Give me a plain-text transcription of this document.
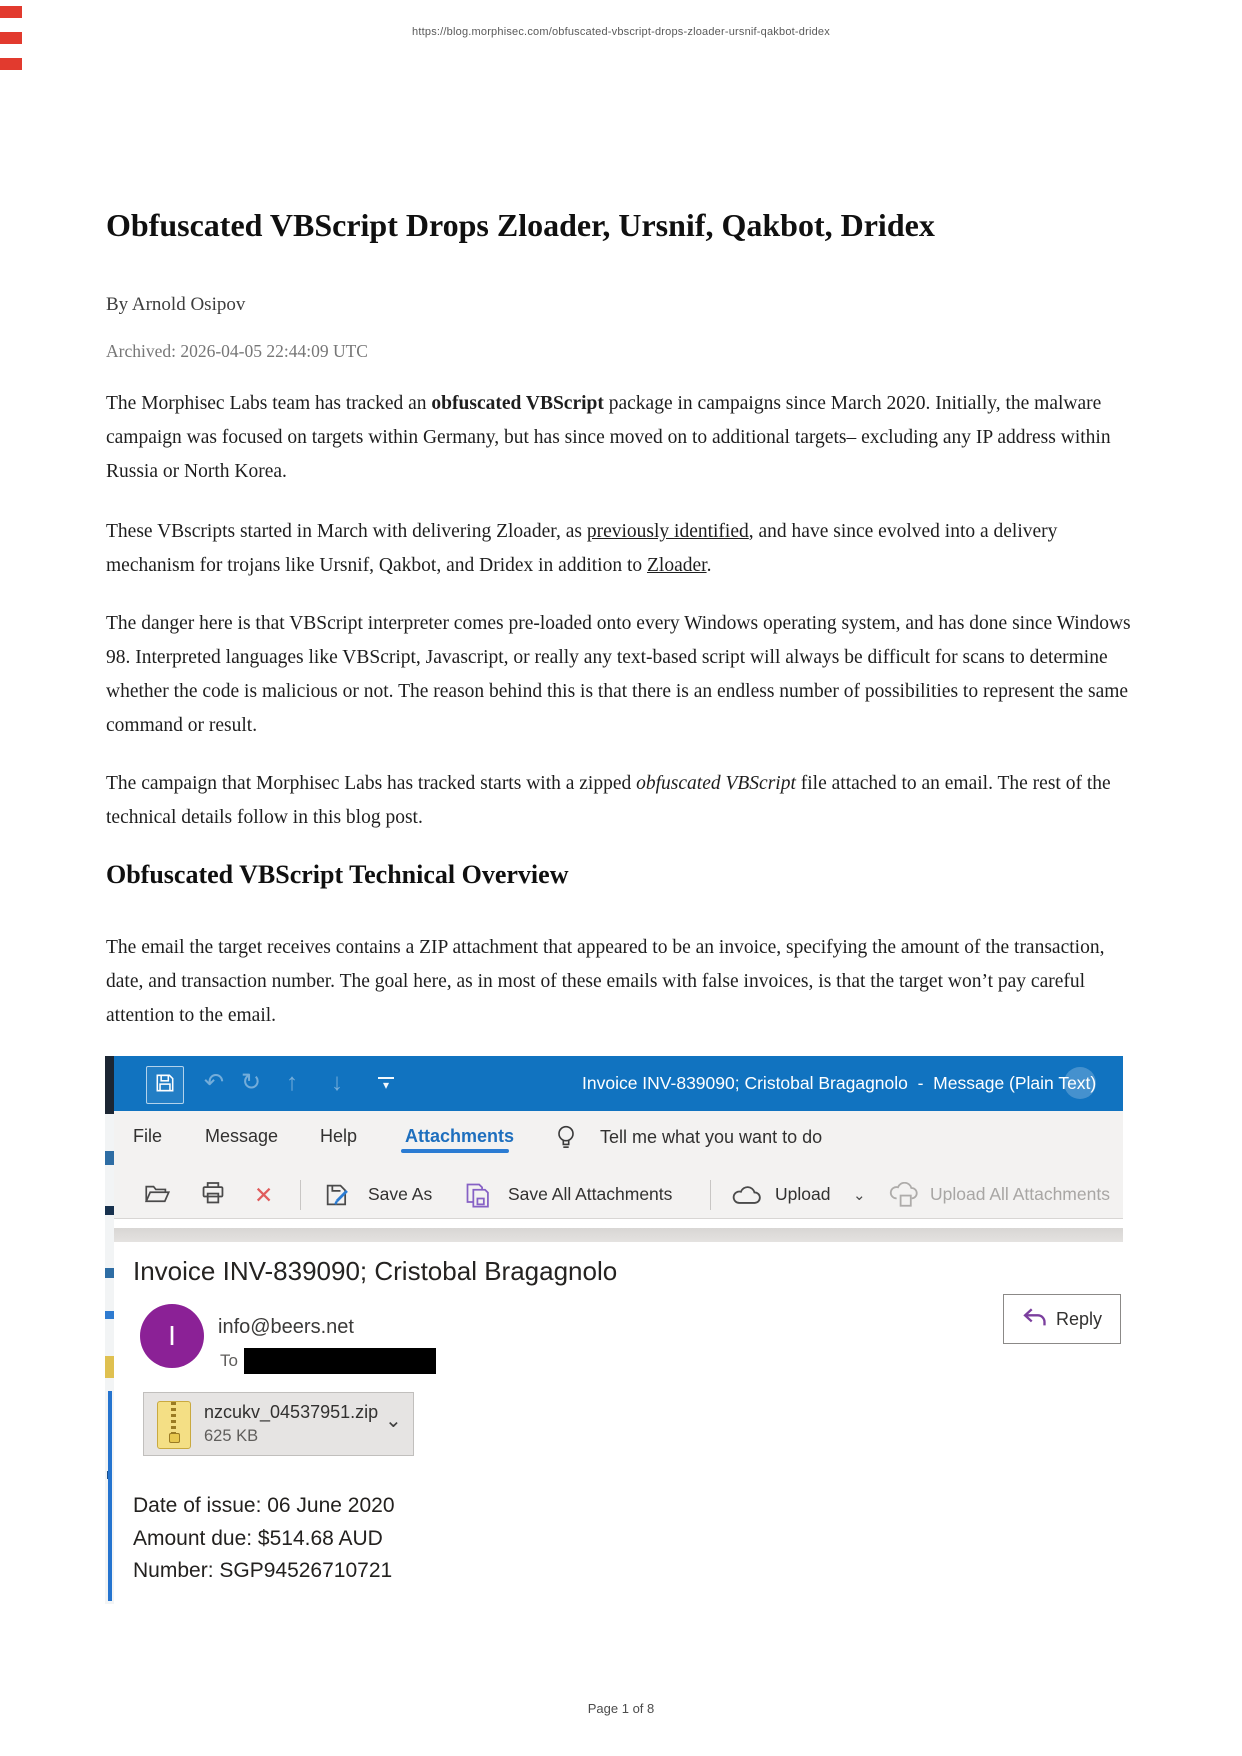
https://blog.morphisec.com/obfuscated-vbscript-drops-zloader-ursnif-qakbot-dridex
Obfuscated VBScript Drops Zloader, Ursnif, Qakbot, Dridex
By Arnold Osipov
Archived: 2026-04-05 22:44:09 UTC

The Morphisec Labs team has tracked an obfuscated VBScript package in campaigns since March 2020. Initially, the malware campaign was focused on targets within Germany, but has since moved on to additional targets– excluding any IP address within Russia or North Korea.

These VBscripts started in March with delivering Zloader, as previously identified, and have since evolved into a delivery mechanism for trojans like Ursnif, Qakbot, and Dridex in addition to Zloader.

The danger here is that VBScript interpreter comes pre-loaded onto every Windows operating system, and has done since Windows 98. Interpreted languages like VBScript, Javascript, or really any text-based script will always be difficult for scans to determine whether the code is malicious or not. The reason behind this is that there is an endless number of possibilities to represent the same command or result.

The campaign that Morphisec Labs has tracked starts with a zipped obfuscated VBScript file attached to an email. The rest of the technical details follow in this blog post.

Obfuscated VBScript Technical Overview

The email the target receives contains a ZIP attachment that appeared to be an invoice, specifying the amount of the transaction, date, and transaction number. The goal here, as in most of these emails with false invoices, is that the target won’t pay careful attention to the email.

↶ ↻ ↑ ↓	▾	Invoice INV-839090; Cristobal Bragagnolo  -  Message (Plain Text)
File Message Help	Attachments	Tell me what you want to do
✕	Save As	Save All Attachments	Upload ⌄	Upload All Attachments
Invoice INV-839090; Cristobal Bragagnolo
Reply
I info@beers.net
To
nzcukv_04537951.zip
625 KB
⌄
Date of issue: 06 June 2020
Amount due: $514.68 AUD
Number: SGP94526710721
Page 1 of 8
